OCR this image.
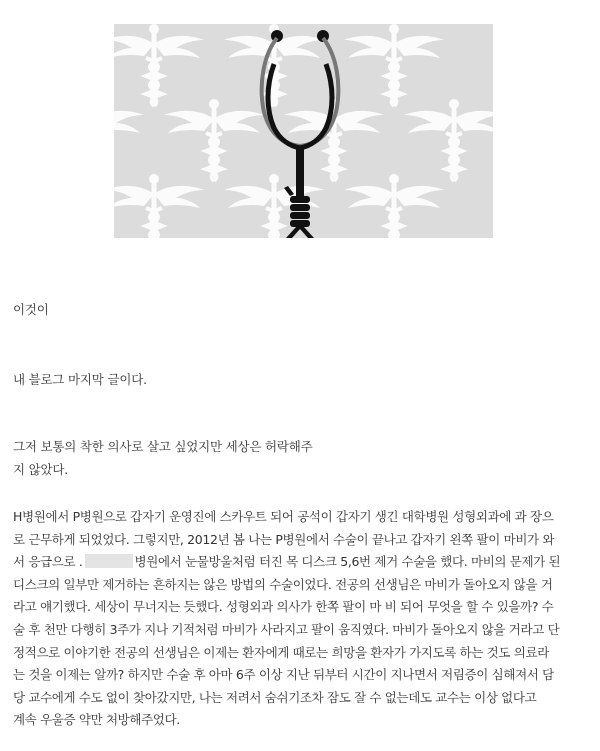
이것이

내 블로그 마지막 글이다.

그저 보통의 착한 의사로 살고 싶었지만 세상은 허락해주

지 않았다.

H병원에서 P병원으로 갑자기 운영진에 스카우트 되어 공석이 갑자기 생긴 대학병원 성형외과에 과 장으
로 근무하게 되었었다. 그렇지만, 2012년 봄 나는 P병원에서 수술이 끝나고 갑자기 왼쪽 팔이 마비가 와
서 응급으로 .	병원에서 눈물방울처럼 터진 목 디스크 5,6번 제거 수술을 했다. 마비의 문제가 된
디스크의 일부만 제거하는 흔하지는 않은 방법의 수술이었다. 전공의 선생님은 마비가 돌아오지 않을 거
라고 얘기했다. 세상이 무너지는 듯했다. 성형외과 의사가 한쪽 팔이 마 비 되어 무엇을 할 수 있을까? 수
술 후 천만 다행히 3주가 지나 기적처럼 마비가 사라지고 팔이 움직였다. 마비가 돌아오지 않을 거라고 단
정적으로 이야기한 전공의 선생님은 이제는 환자에게 때로는 희망을 환자가 가지도록 하는 것도 의료라
는 것을 이제는 알까? 하지만 수술 후 아마 6주 이상 지난 뒤부터 시간이 지나면서 저림증이 심해져서 담
당 교수에게 수도 없이 찾아갔지만, 나는 저려서 숨쉬기조차 잠도 잘 수 없는데도 교수는 이상 없다고
계속 우울증 약만 처방해주었다.
